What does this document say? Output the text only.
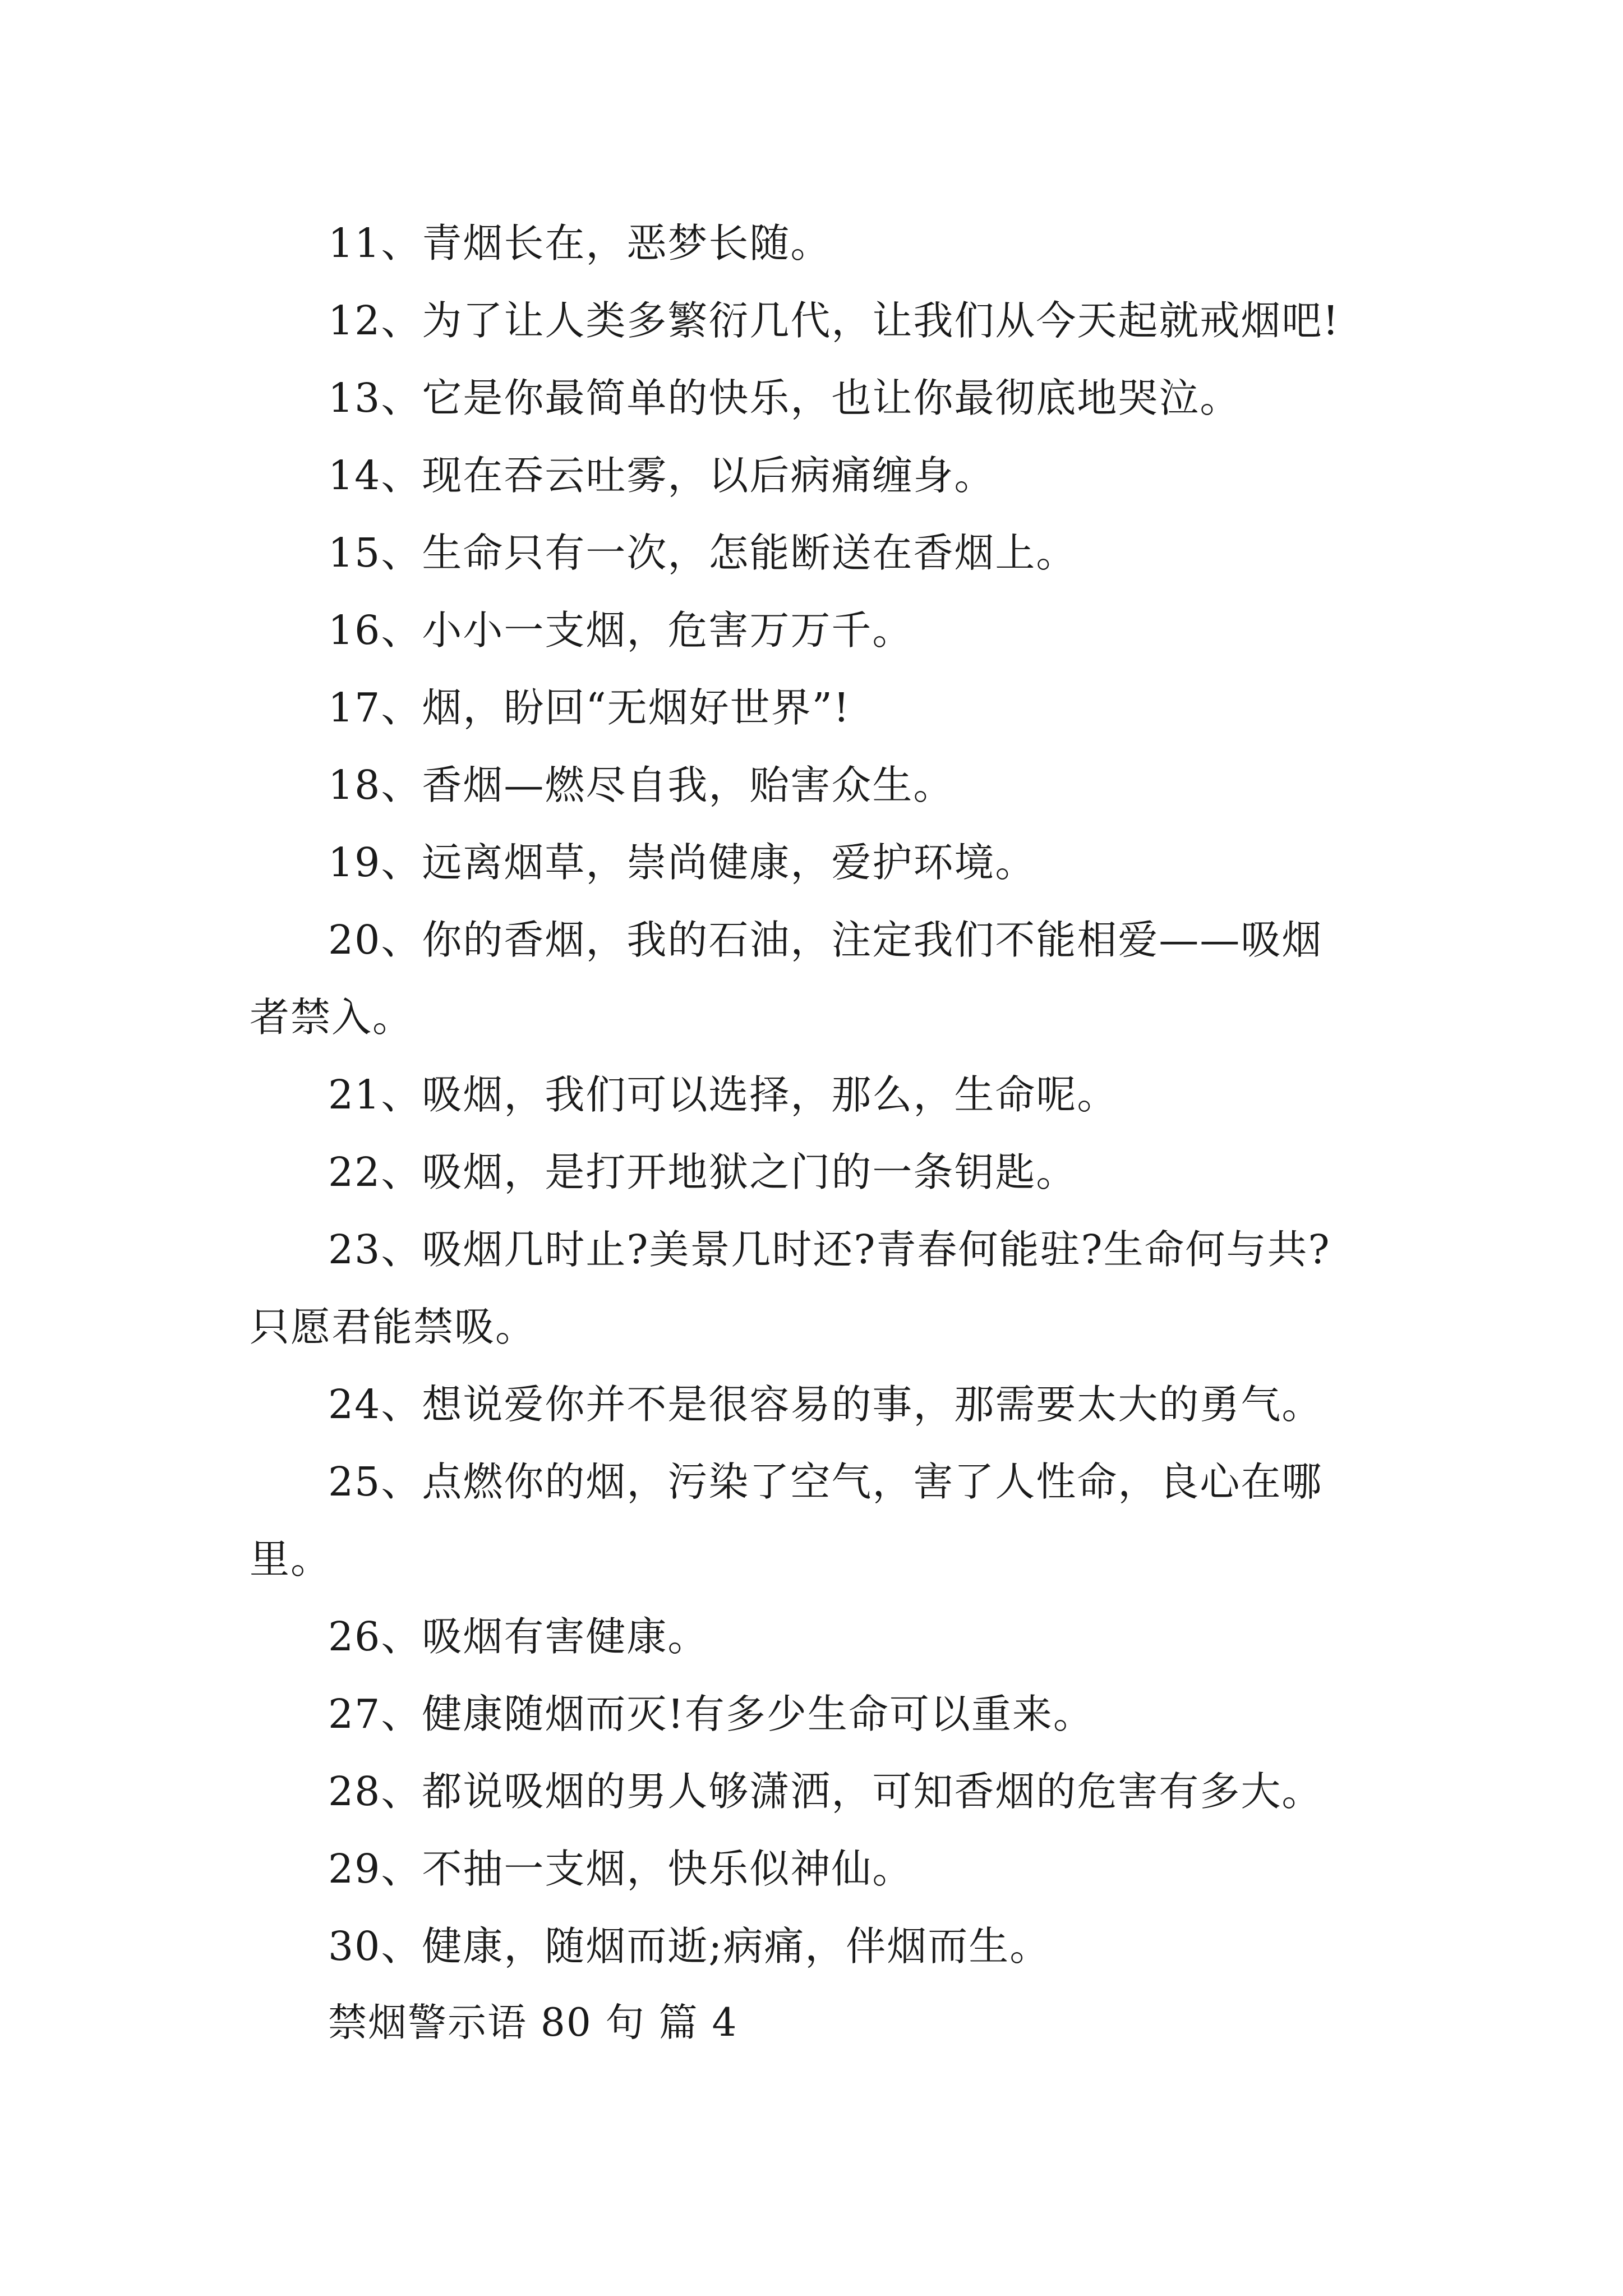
11、青烟长在，恶梦长随。
12、为了让人类多繁衍几代，让我们从今天起就戒烟吧!
13、它是你最简单的快乐，也让你最彻底地哭泣。
14、现在吞云吐雾，以后病痛缠身。
15、生命只有一次，怎能断送在香烟上。
16、小小一支烟，危害万万千。
17、烟，盼回“无烟好世界”!
18、香烟—燃尽自我，贻害众生。
19、远离烟草，崇尚健康，爱护环境。
20、你的香烟，我的石油，注定我们不能相爱——吸烟
者禁入。
21、吸烟，我们可以选择，那么，生命呢。
22、吸烟，是打开地狱之门的一条钥匙。
23、吸烟几时止?美景几时还?青春何能驻?生命何与共?
只愿君能禁吸。
24、想说爱你并不是很容易的事，那需要太大的勇气。
25、点燃你的烟，污染了空气，害了人性命，良心在哪
里。
26、吸烟有害健康。
27、健康随烟而灭!有多少生命可以重来。
28、都说吸烟的男人够潇洒，可知香烟的危害有多大。
29、不抽一支烟，快乐似神仙。
30、健康，随烟而逝;病痛，伴烟而生。
禁烟警示语 80 句 篇 4
